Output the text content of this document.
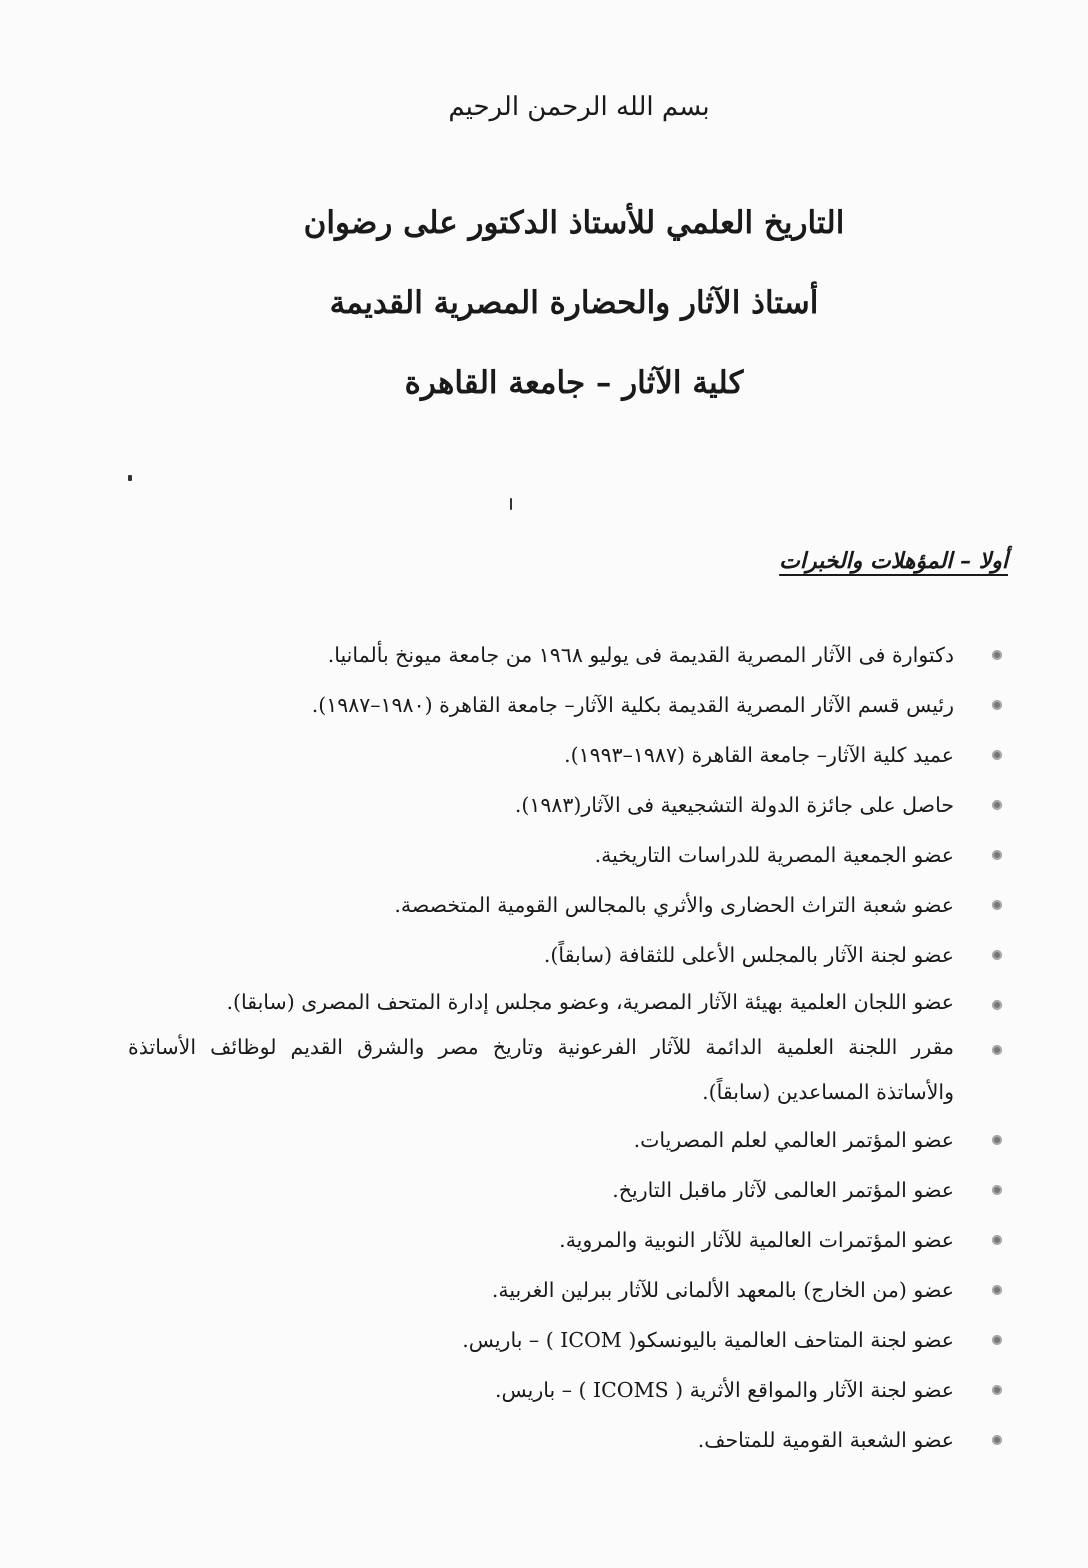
بسم الله الرحمن الرحيم
التاريخ العلمي للأستاذ الدكتور على رضوان
أستاذ الآثار والحضارة المصرية القديمة
كلية الآثار – جامعة القاهرة
أولا – المؤهلات والخبرات
دكتوارة فى الآثار المصرية القديمة فى يوليو ١٩٦٨ من جامعة ميونخ بألمانيا.
رئيس قسم الآثار المصرية القديمة بكلية الآثار– جامعة القاهرة (١٩٨٠–١٩٨٧).
عميد كلية الآثار– جامعة القاهرة (١٩٨٧–١٩٩٣).
حاصل على جائزة الدولة التشجيعية فى الآثار(١٩٨٣).
عضو الجمعية المصرية للدراسات التاريخية.
عضو شعبة التراث الحضارى والأثري بالمجالس القومية المتخصصة.
عضو لجنة الآثار بالمجلس الأعلى للثقافة (سابقاً).
عضو اللجان العلمية بهيئة الآثار المصرية، وعضو مجلس إدارة المتحف المصرى (سابقا).
مقرر اللجنة العلمية الدائمة للآثار الفرعونية وتاريخ مصر والشرق القديم لوظائف الأساتذة والأساتذة المساعدين (سابقاً).
عضو المؤتمر العالمي لعلم المصريات.
عضو المؤتمر العالمى لآثار ماقبل التاريخ.
عضو المؤتمرات العالمية للآثار النوبية والمروية.
عضو (من الخارج) بالمعهد الألمانى للآثار ببرلين الغربية.
عضو لجنة المتاحف العالمية باليونسكو( ICOM ) – باريس.
عضو لجنة الآثار والمواقع الأثرية ( ICOMS ) – باريس.
عضو الشعبة القومية للمتاحف.
